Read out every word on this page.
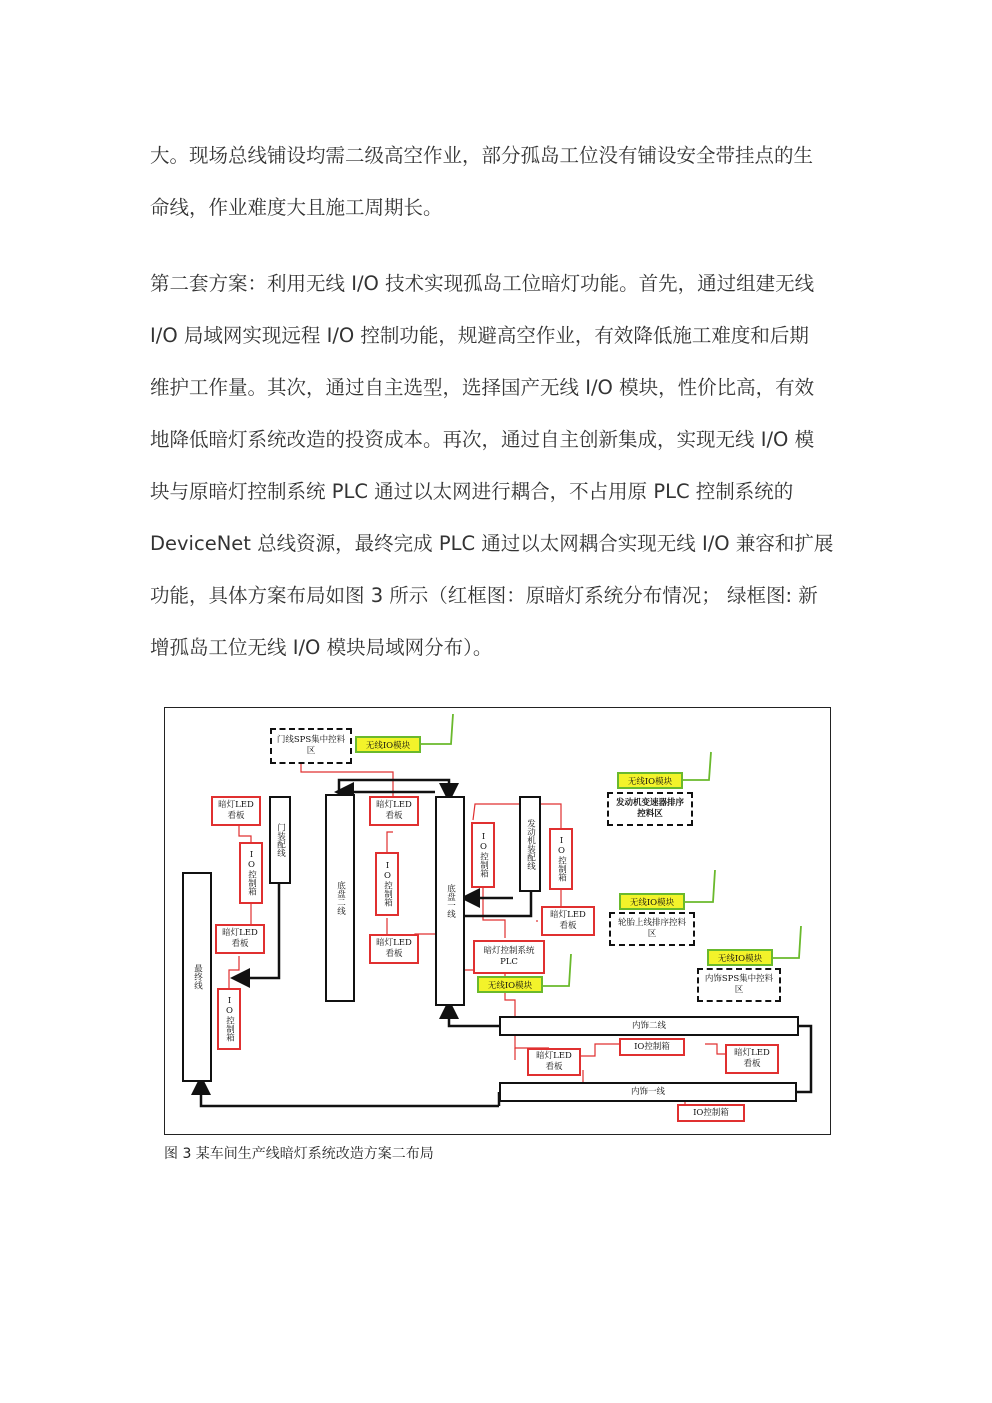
大。现场总线铺设均需二级高空作业，部分孤岛工位没有铺设安全带挂点的生
命线，作业难度大且施工周期长。
第二套方案：利用无线 I/O 技术实现孤岛工位暗灯功能。首先，通过组建无线
I/O 局域网实现远程 I/O 控制功能，规避高空作业，有效降低施工难度和后期
维护工作量。其次，通过自主选型，选择国产无线 I/O 模块，性价比高，有效
地降低暗灯系统改造的投资成本。再次，通过自主创新集成，实现无线 I/O 模
块与原暗灯控制系统 PLC 通过以太网进行耦合，不占用原 PLC 控制系统的
DeviceNet 总线资源，最终完成 PLC 通过以太网耦合实现无线 I/O 兼容和扩展
功能，具体方案布局如图 3 所示（红框图：原暗灯系统分布情况； 绿框图: 新
增孤岛工位无线 I/O 模块局域网分布）。
门线SPS集中控料区
发动机变速器排序控料区
轮胎上线排序控料区
内饰SPS集中控料区
无线IO模块
无线IO模块
无线IO模块
无线IO模块
无线IO模块
最终线
门装配线
底盘二线	底盘一线
发动机装配线
内饰二线
内饰一线
暗灯LED看板
暗灯LED看板
暗灯LED看板
暗灯LED看板
暗灯LED看板
暗灯LED看板
暗灯LED看板
IO控制箱
IO控制箱
IO控制箱
IO控制箱	IO控制箱
IO控制箱
IO控制箱
暗灯控制系统PLC
图 3 某车间生产线暗灯系统改造方案二布局
